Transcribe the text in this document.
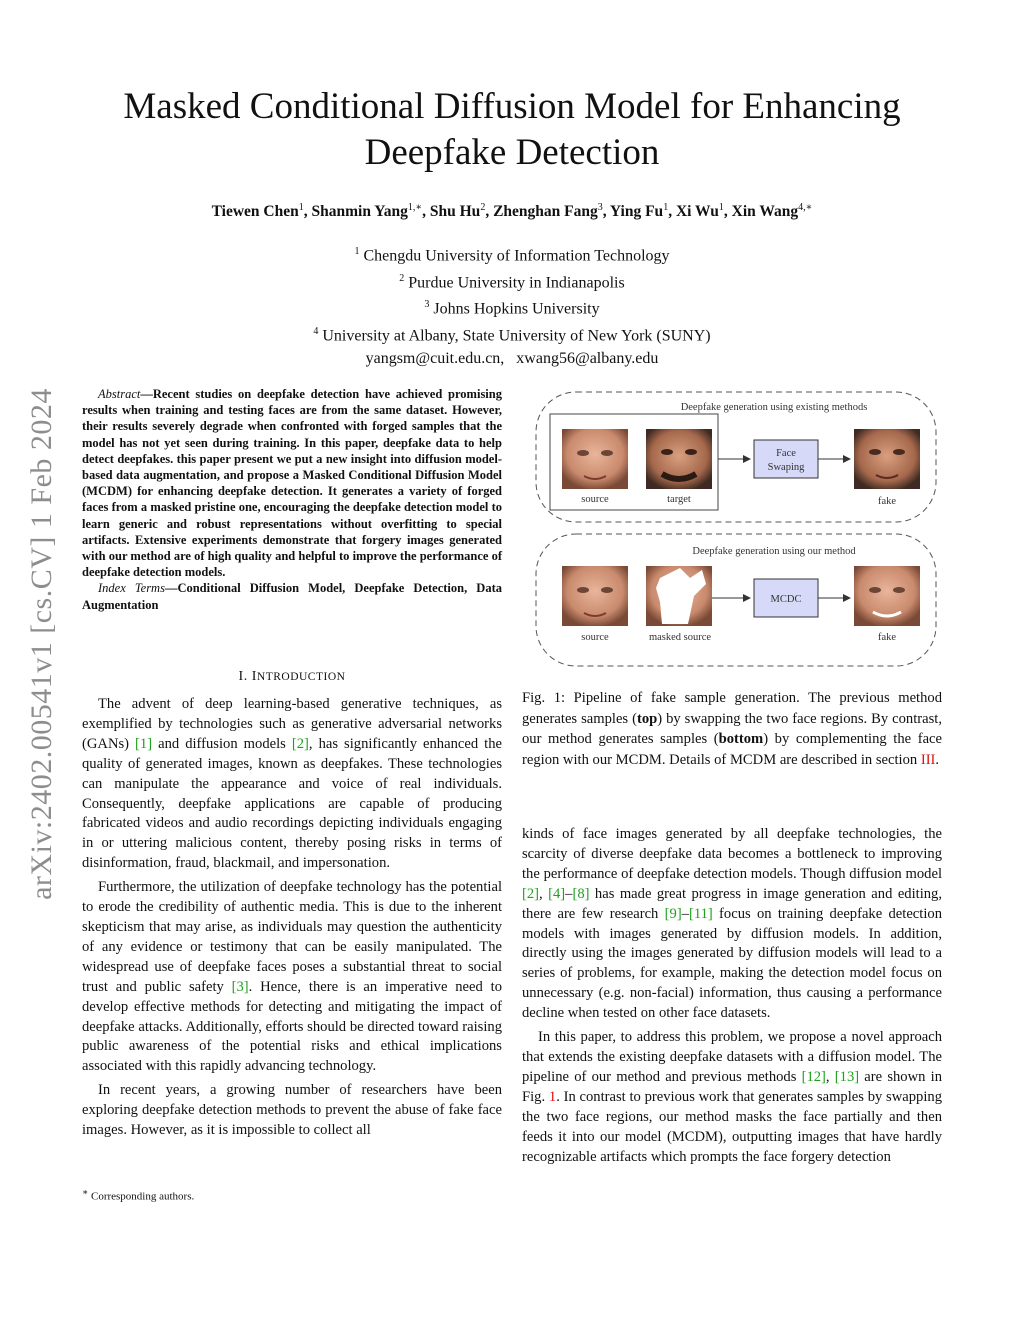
Masked Conditional Diffusion Model for Enhancing
Deepfake Detection
Tiewen Chen$^1$, Shanmin Yang$^{1,∗}$, Shu Hu$^2$, Zhenghan Fang$^3$, Ying Fu$^1$, Xi Wu$^1$, Xin Wang$^{4,∗}$
$^1$ Chengdu University of Information Technology
$^2$ Purdue University in Indianapolis
$^3$ Johns Hopkins University
$^4$ University at Albany, State University of New York (SUNY)
yangsm@cuit.edu.cn, xwang56@albany.edu
arXiv:2402.00541v1 [cs.CV] 1 Feb 2024	Abstract—Recent studies on deepfake detection have achieved promising results when training and testing faces are from the same dataset. However, their results severely degrade when confronted with forged samples that the model has not yet seen during training. In this paper, deepfake data to help detect deepfakes. this paper present we put a new insight into diffusion model-based data augmentation, and propose a Masked Conditional Diffusion Model (MCDM) for enhancing deepfake detection. It generates a variety of forged faces from a masked pristine one, encouraging the deepfake detection model to learn generic and robust representations without overfitting to special artifacts. Extensive experiments demonstrate that forgery images generated with our method are of high quality and helpful to improve the performance of deepfake detection models.

Index Terms—Conditional Diffusion Model, Deepfake Detection, Data Augmentation

I. INTRODUCTION

The advent of deep learning-based generative techniques, as exemplified by technologies such as generative adversarial networks (GANs) [1] and diffusion models [2], has significantly enhanced the quality of generated images, known as deepfakes. These technologies can manipulate the appearance and voice of real individuals. Consequently, deepfake applications are capable of producing fabricated videos and audio recordings depicting individuals engaging in or uttering malicious content, thereby posing risks in terms of disinformation, fraud, blackmail, and impersonation.

Furthermore, the utilization of deepfake technology has the potential to erode the credibility of authentic media. This is due to the inherent skepticism that may arise, as individuals may question the authenticity of any evidence or testimony that can be easily manipulated. The widespread use of deepfake faces poses a substantial threat to social trust and public safety [3]. Hence, there is an imperative need to develop effective methods for detecting and mitigating the impact of deepfake attacks. Additionally, efforts should be directed toward raising public awareness of the potential risks and ethical implications associated with this rapidly advancing technology.

In recent years, a growing number of researchers have been exploring deepfake detection methods to prevent the abuse of fake face images. However, as it is impossible to collect all

∗ Corresponding authors.
Deepfake generation using existing methods
source	target
Face
Swaping
fake
Deepfake generation using our method
source	masked source
MCDC
fake
Fig. 1: Pipeline of fake sample generation. The previous method generates samples (top) by swapping the two face regions. By contrast, our method generates samples (bottom) by complementing the face region with our MCDM. Details of MCDM are described in section III.

kinds of face images generated by all deepfake technologies, the scarcity of diverse deepfake data becomes a bottleneck to improving the performance of deepfake detection models. Though diffusion model [2], [4]–[8] has made great progress in image generation and editing, there are few research [9]–[11] focus on training deepfake detection models with images generated by diffusion models. In addition, directly using the images generated by diffusion models will lead to a series of problems, for example, making the detection model focus on unnecessary (e.g. non-facial) information, thus causing a performance decline when tested on other face datasets.

In this paper, to address this problem, we propose a novel approach that extends the existing deepfake datasets with a diffusion model. The pipeline of our method and previous methods [12], [13] are shown in Fig. 1. In contrast to previous work that generates samples by swapping the two face regions, our method masks the face partially and then feeds it into our model (MCDM), outputting images that have hardly recognizable artifacts which prompts the face forgery detection
